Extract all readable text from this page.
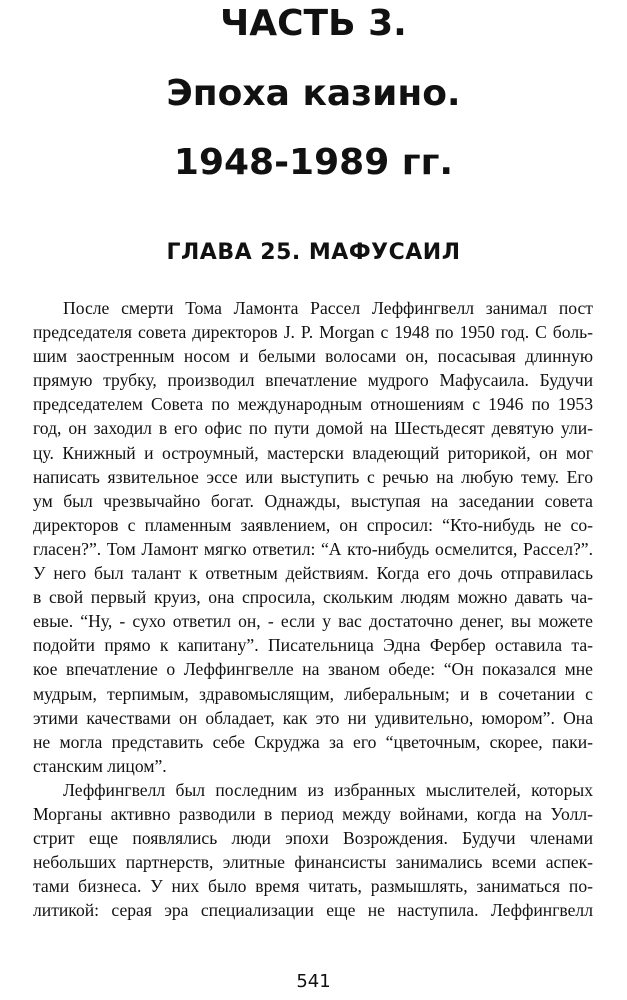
ЧАСТЬ 3.
Эпоха казино.
1948-1989 гг.
ГЛАВА 25. МАФУСАИЛ
После смерти Тома Ламонта Рассел Леффингвелл занимал пост
председателя совета директоров J. P. Morgan с 1948 по 1950 год. С боль-
шим заостренным носом и белыми волосами он, посасывая длинную
прямую трубку, производил впечатление мудрого Мафусаила. Будучи
председателем Совета по международным отношениям с 1946 по 1953
год, он заходил в его офис по пути домой на Шестьдесят девятую ули-
цу. Книжный и остроумный, мастерски владеющий риторикой, он мог
написать язвительное эссе или выступить с речью на любую тему. Его
ум был чрезвычайно богат. Однажды, выступая на заседании совета
директоров с пламенным заявлением, он спросил: “Кто-нибудь не со-
гласен?”. Том Ламонт мягко ответил: “А кто-нибудь осмелится, Рассел?”.
У него был талант к ответным действиям. Когда его дочь отправилась
в свой первый круиз, она спросила, скольким людям можно давать ча-
евые. “Ну, - сухо ответил он, - если у вас достаточно денег, вы можете
подойти прямо к капитану”. Писательница Эдна Фербер оставила та-
кое впечатление о Леффингвелле на званом обеде: “Он показался мне
мудрым, терпимым, здравомыслящим, либеральным; и в сочетании с
этими качествами он обладает, как это ни удивительно, юмором”. Она
не могла представить себе Скруджа за его “цветочным, скорее, паки-
станским лицом”.
Леффингвелл был последним из избранных мыслителей, которых
Морганы активно разводили в период между войнами, когда на Уолл-
стрит еще появлялись люди эпохи Возрождения. Будучи членами
небольших партнерств, элитные финансисты занимались всеми аспек-
тами бизнеса. У них было время читать, размышлять, заниматься по-
литикой: серая эра специализации еще не наступила. Леффингвелл
541
